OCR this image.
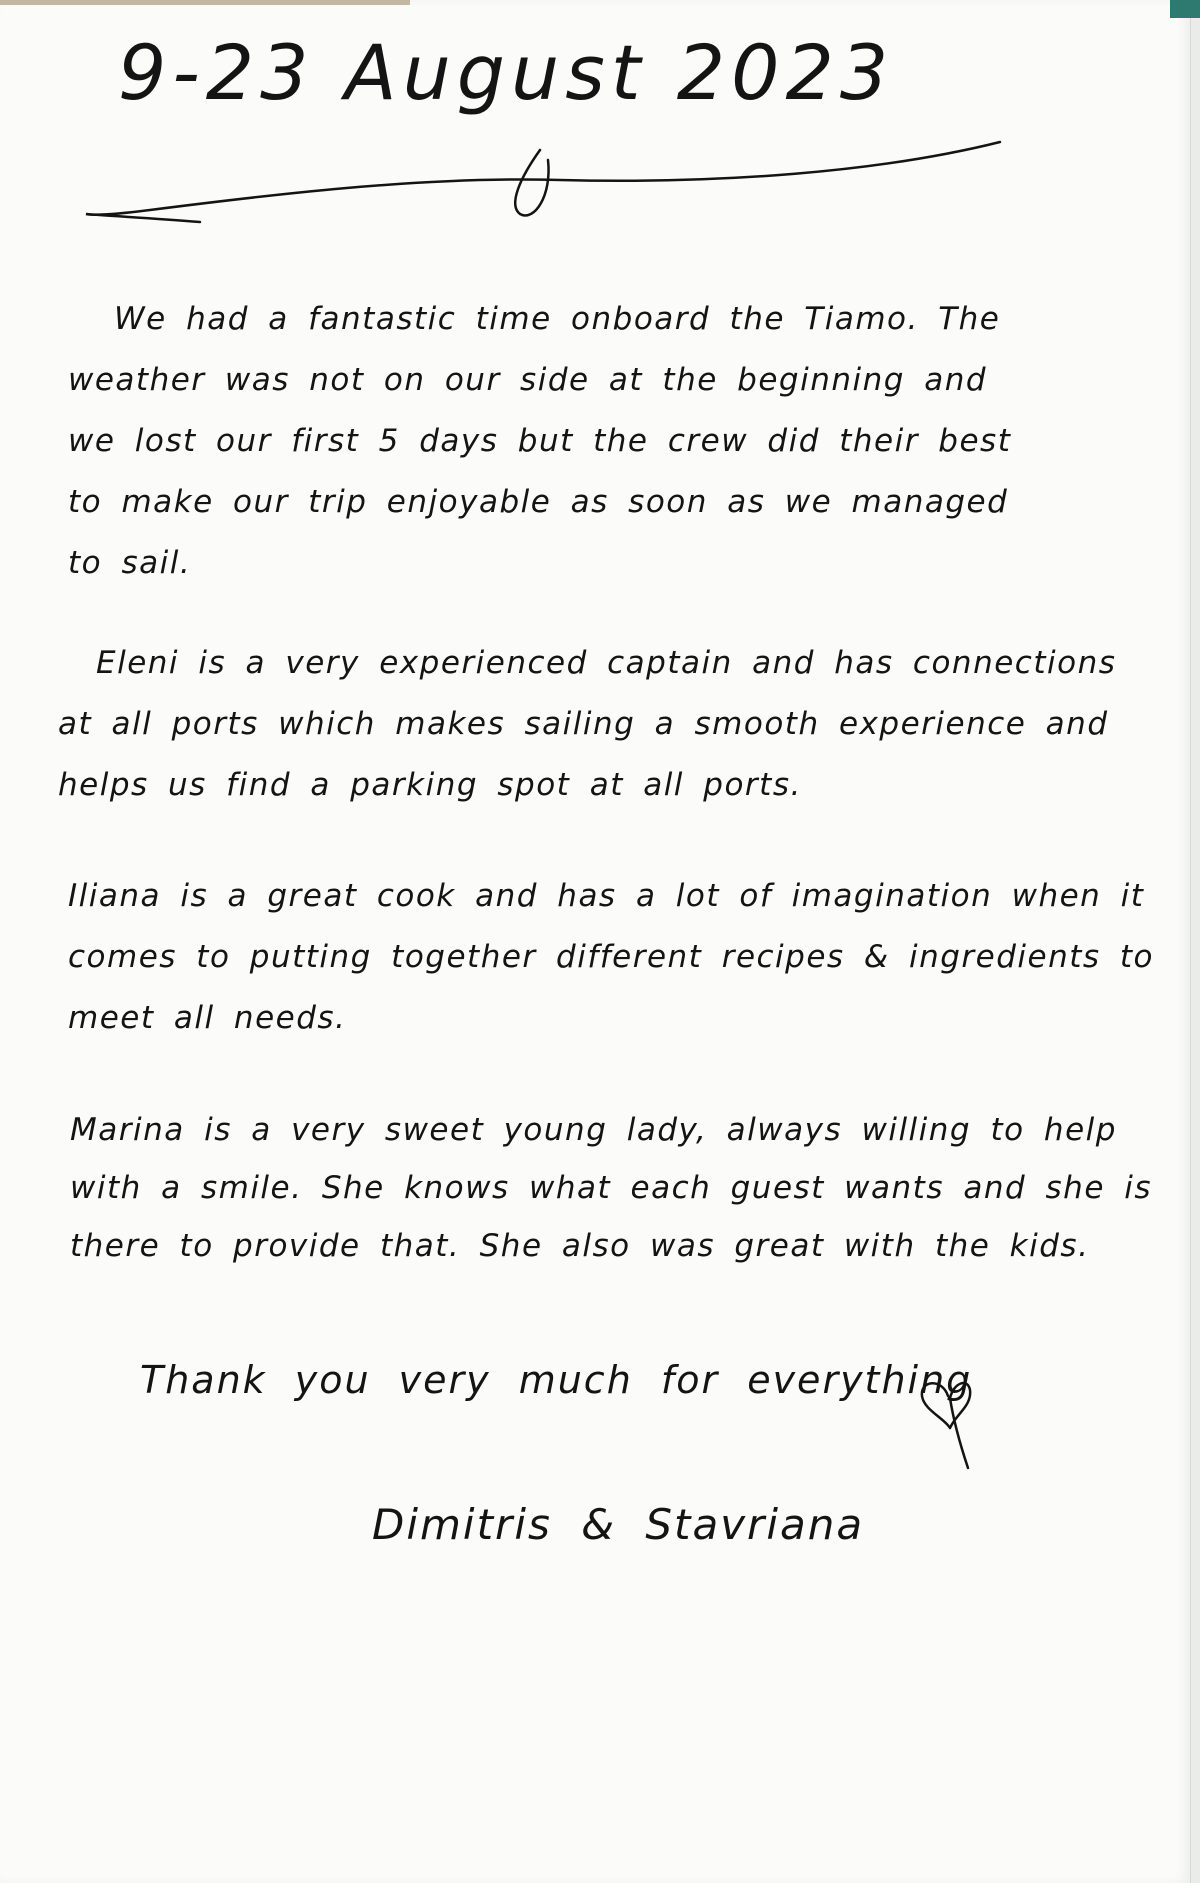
9-23 August 2023
We had a fantastic time onboard the Tiamo. The weather was not on our side at the beginning and we lost our first 5 days but the crew did their best to make our trip enjoyable as soon as we managed to sail.
Eleni is a very experienced captain and has connections at all ports which makes sailing a smooth experience and helps us find a parking spot at all ports.
Iliana is a great cook and has a lot of imagination when it comes to putting together different recipes & ingredients to meet all needs.
Marina is a very sweet young lady, always willing to help with a smile. She knows what each guest wants and she is there to provide that. She also was great with the kids.
Thank you very much for everything
Dimitris & Stavriana
